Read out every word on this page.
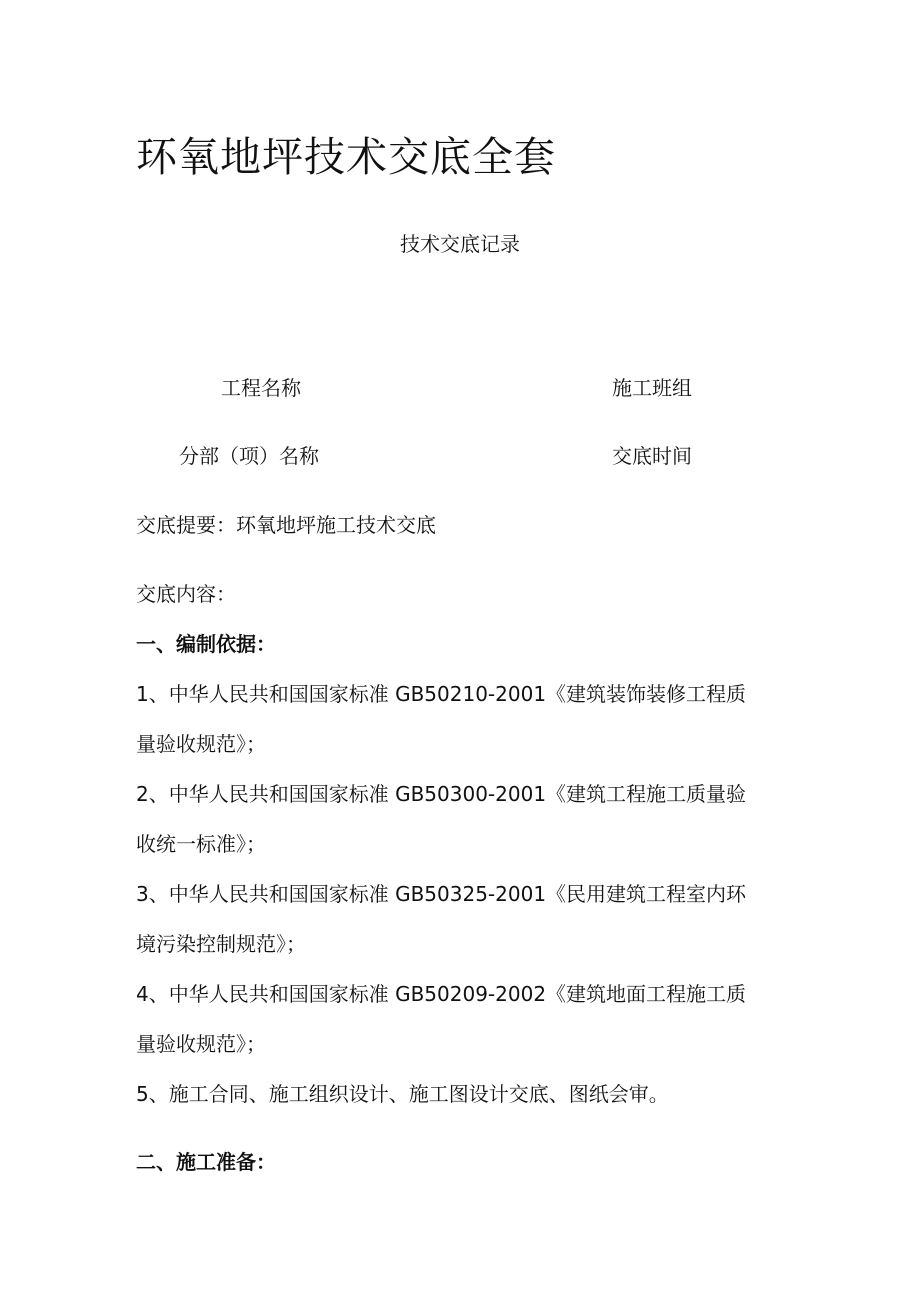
环氧地坪技术交底全套
技术交底记录
工程名称	施工班组
分部（项）名称	交底时间
交底提要：环氧地坪施工技术交底
交底内容：
一、编制依据：
1、中华人民共和国国家标准 GB50210-2001《建筑装饰装修工程质
量验收规范》；
2、中华人民共和国国家标准 GB50300-2001《建筑工程施工质量验
收统一标准》；
3、中华人民共和国国家标准 GB50325-2001《民用建筑工程室内环
境污染控制规范》；
4、中华人民共和国国家标准 GB50209-2002《建筑地面工程施工质
量验收规范》；
5、施工合同、施工组织设计、施工图设计交底、图纸会审。
二、施工准备：
